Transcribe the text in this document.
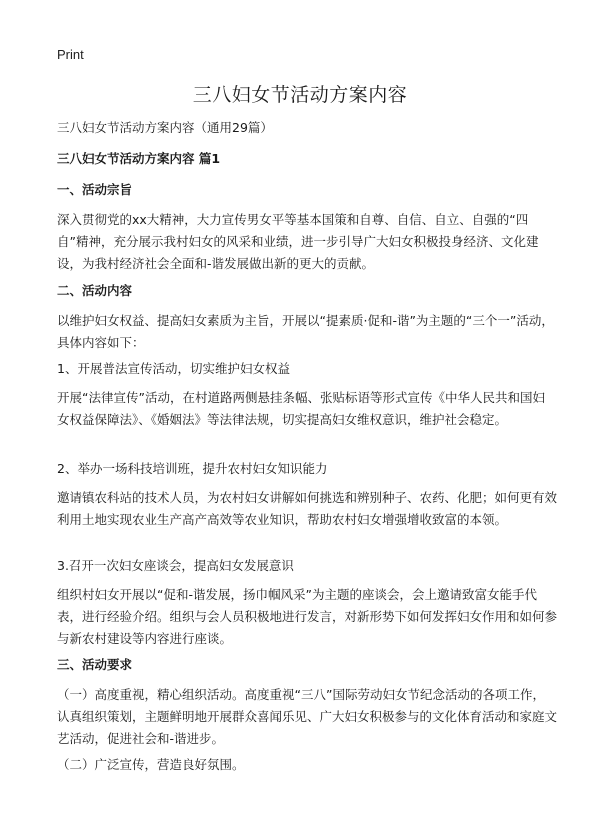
Print
三八妇女节活动方案内容
三八妇女节活动方案内容（通用29篇）
三八妇女节活动方案内容 篇1
一、活动宗旨
深入贯彻党的xx大精神，大力宣传男女平等基本国策和自尊、自信、自立、自强的“四自”精神，充分展示我村妇女的风采和业绩，进一步引导广大妇女积极投身经济、文化建设，为我村经济社会全面和-谐发展做出新的更大的贡献。
二、活动内容
以维护妇女权益、提高妇女素质为主旨，开展以“提素质·促和-谐”为主题的“三个一”活动，具体内容如下：
1、开展普法宣传活动，切实维护妇女权益
开展“法律宣传”活动，在村道路两侧悬挂条幅、张贴标语等形式宣传《中华人民共和国妇女权益保障法》、《婚姻法》等法律法规，切实提高妇女维权意识，维护社会稳定。
2、举办一场科技培训班，提升农村妇女知识能力
邀请镇农科站的技术人员，为农村妇女讲解如何挑选和辨别种子、农药、化肥；如何更有效利用土地实现农业生产高产高效等农业知识，帮助农村妇女增强增收致富的本领。
3.召开一次妇女座谈会，提高妇女发展意识
组织村妇女开展以“促和-谐发展，扬巾帼风采”为主题的座谈会，会上邀请致富女能手代表，进行经验介绍。组织与会人员积极地进行发言，对新形势下如何发挥妇女作用和如何参与新农村建设等内容进行座谈。
三、活动要求
（一）高度重视，精心组织活动。高度重视“三八”国际劳动妇女节纪念活动的各项工作，认真组织策划，主题鲜明地开展群众喜闻乐见、广大妇女积极参与的文化体育活动和家庭文艺活动，促进社会和-谐进步。
（二）广泛宣传，营造良好氛围。
